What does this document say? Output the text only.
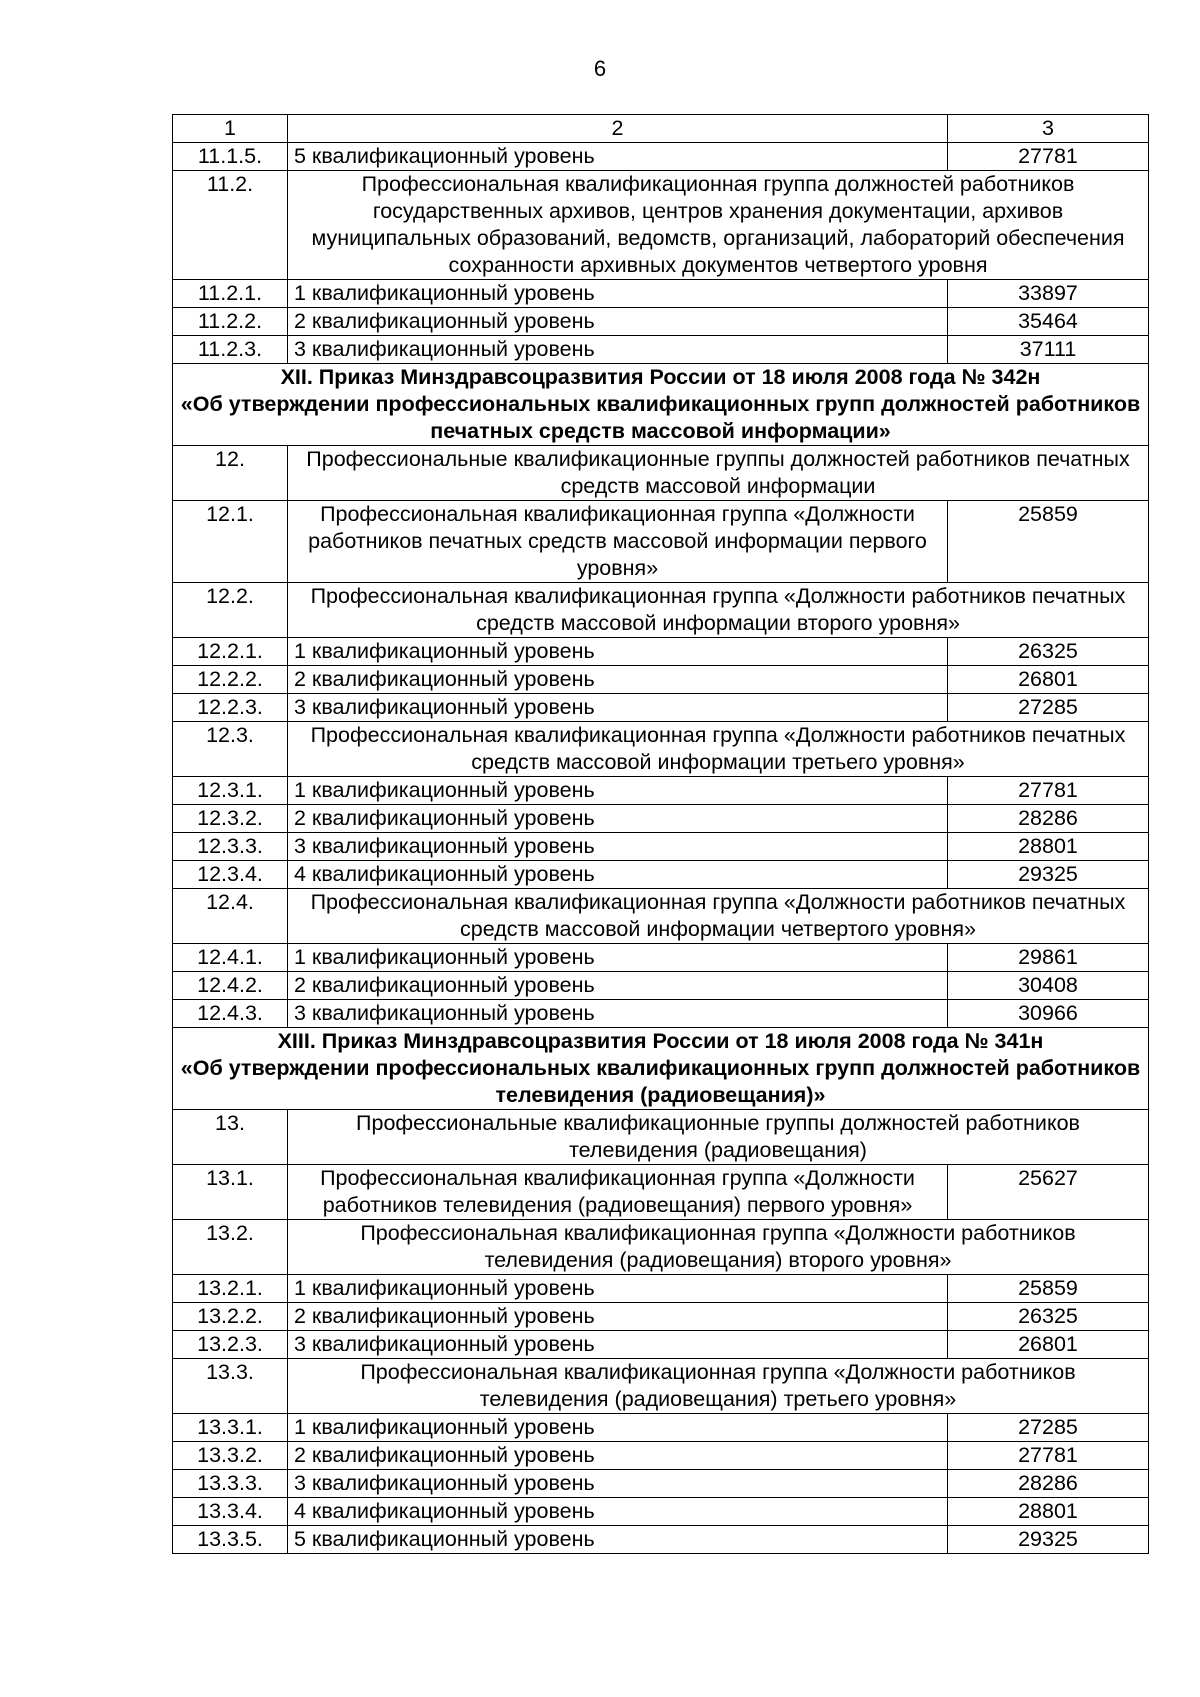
6
1	2	3
11.1.5.	5 квалификационный уровень	27781
11.2.	Профессиональная квалификационная группа должностей работников государственных архивов, центров хранения документации, архивов муниципальных образований, ведомств, организаций, лабораторий обеспечения сохранности архивных документов четвертого уровня	
11.2.1.	1 квалификационный уровень	33897
11.2.2.	2 квалификационный уровень	35464
11.2.3.	3 квалификационный уровень	37111

XII. Приказ Минздравсоцразвития России от 18 июля 2008 года № 342н
«Об утверждении профессиональных квалификационных групп должностей работников печатных средств массовой информации»		

12.	Профессиональные квалификационные группы должностей работников печатных средств массовой информации	
12.1.	Профессиональная квалификационная группа «Должности работников печатных средств массовой информации первого уровня»	25859
12.2.	Профессиональная квалификационная группа «Должности работников печатных средств массовой информации второго уровня»	
12.2.1.	1 квалификационный уровень	26325
12.2.2.	2 квалификационный уровень	26801
12.2.3.	3 квалификационный уровень	27285
12.3.	Профессиональная квалификационная группа «Должности работников печатных средств массовой информации третьего уровня»	
12.3.1.	1 квалификационный уровень	27781
12.3.2.	2 квалификационный уровень	28286
12.3.3.	3 квалификационный уровень	28801
12.3.4.	4 квалификационный уровень	29325
12.4.	Профессиональная квалификационная группа «Должности работников печатных средств массовой информации четвертого уровня»	
12.4.1.	1 квалификационный уровень	29861
12.4.2.	2 квалификационный уровень	30408
12.4.3.	3 квалификационный уровень	30966

XIII. Приказ Минздравсоцразвития России от 18 июля 2008 года № 341н
«Об утверждении профессиональных квалификационных групп должностей работников телевидения (радиовещания)»		

13.	Профессиональные квалификационные группы должностей работников телевидения (радиовещания)	
13.1.	Профессиональная квалификационная группа «Должности работников телевидения (радиовещания) первого уровня»	25627
13.2.	Профессиональная квалификационная группа «Должности работников телевидения (радиовещания) второго уровня»	
13.2.1.	1 квалификационный уровень	25859
13.2.2.	2 квалификационный уровень	26325
13.2.3.	3 квалификационный уровень	26801
13.3.	Профессиональная квалификационная группа «Должности работников телевидения (радиовещания) третьего уровня»	
13.3.1.	1 квалификационный уровень	27285
13.3.2.	2 квалификационный уровень	27781
13.3.3.	3 квалификационный уровень	28286
13.3.4.	4 квалификационный уровень	28801
13.3.5.	5 квалификационный уровень	29325
